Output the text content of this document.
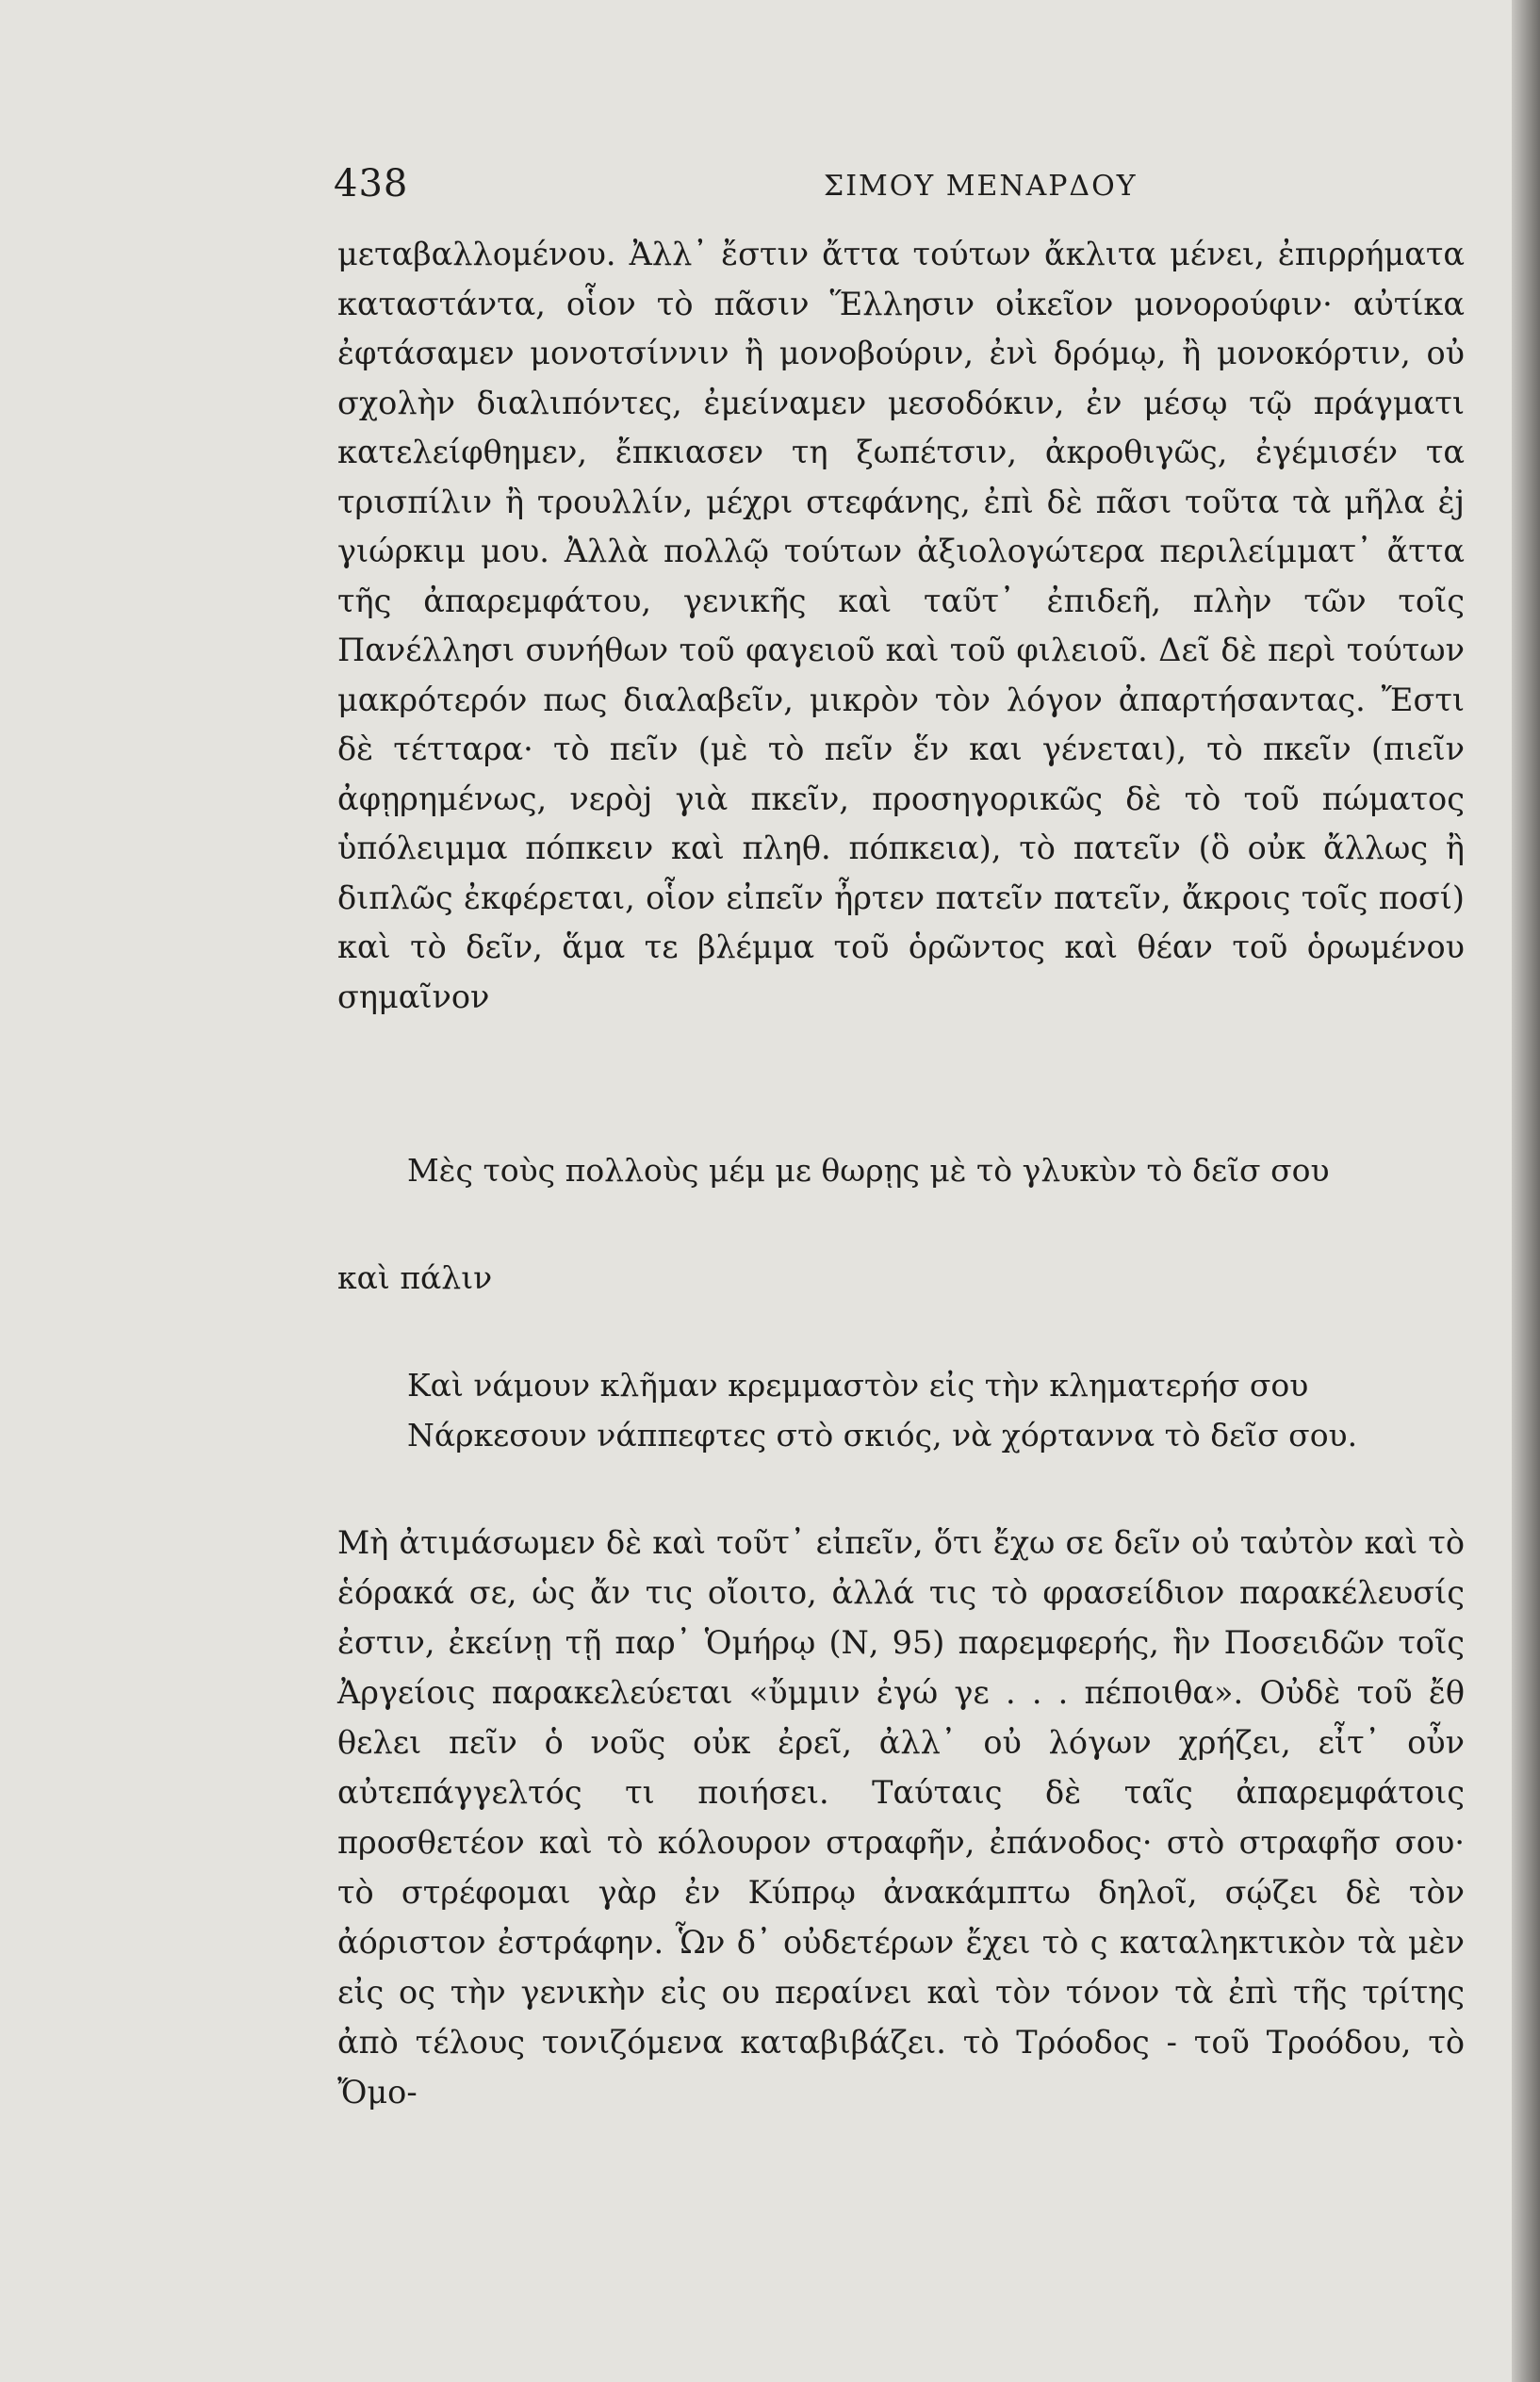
438	ΣΙΜΟΥ ΜΕΝΑΡΔΟΥ

μεταβαλλομένου. Ἀλλ᾽ ἔστιν ἄττα τούτων ἄκλιτα μένει, ἐπιρρήματα καταστάντα, οἷον τὸ πᾶσιν Ἕλλησιν οἰκεῖον μονορούφιν· αὐτίκα ἐφτάσαμεν μονοτσίννιν ἢ μονοβούριν, ἐνὶ δρόμῳ, ἢ μονοκόρτιν, οὐ σχολὴν διαλιπόντες, ἐμείναμεν μεσοδόκιν, ἐν μέσῳ τῷ πράγματι κατελείφθημεν, ἔπκιασεν τη ξωπέτσιν, ἀκροθιγῶς, ἐγέμισέν τα τρισπίλιν ἢ τρουλλίν, μέχρι στεφάνης, ἐπὶ δὲ πᾶσι τοῦτα τὰ μῆλα ἐj γιώρκιμ μου. Ἀλλὰ πολλῷ τούτων ἀξιολογώτερα περιλείμματ᾽ ἄττα τῆς ἀπαρεμφάτου, γενικῆς καὶ ταῦτ᾽ ἐπιδεῆ, πλὴν τῶν τοῖς Πανέλλησι συνήθων τοῦ φαγειοῦ καὶ τοῦ φιλειοῦ. Δεῖ δὲ περὶ τούτων μακρότερόν πως διαλαβεῖν, μικρὸν τὸν λόγον ἀπαρτήσαντας. Ἔστι δὲ τέτταρα· τὸ πεῖν (μὲ τὸ πεῖν ἕν και γένεται), τὸ πκεῖν (πιεῖν ἀφῃρημένως, νερὸj γιὰ πκεῖν, προσηγορικῶς δὲ τὸ τοῦ πώματος ὑπόλειμμα πόπκειν καὶ πληθ. πόπκεια), τὸ πατεῖν (ὃ οὐκ ἄλλως ἢ διπλῶς ἐκφέρεται, οἷον εἰπεῖν ἦρτεν πατεῖν πατεῖν, ἄκροις τοῖς ποσί) καὶ τὸ δεῖν, ἅμα τε βλέμμα τοῦ ὁρῶντος καὶ θέαν τοῦ ὁρωμένου σημαῖνον

Μὲς τοὺς πολλοὺς μέμ με θωρῃς μὲ τὸ γλυκὺν τὸ δεῖσ σου
καὶ πάλιν
Καὶ νάμουν κλῆμαν κρεμμαστὸν εἰς τὴν κληματερήσ σου
Νάρκεσουν νάππεφτες στὸ σκιός, νὰ χόρταννα τὸ δεῖσ σου.

Μὴ ἀτιμάσωμεν δὲ καὶ τοῦτ᾽ εἰπεῖν, ὅτι ἔχω σε δεῖν οὐ ταὐτὸν καὶ τὸ ἑόρακά σε, ὡς ἄν τις οἴοιτο, ἀλλά τις τὸ φρασείδιον παρακέλευσίς ἐστιν, ἐκείνῃ τῇ παρ᾽ Ὁμήρῳ (Ν, 95) παρεμφερής, ἣν Ποσειδῶν τοῖς Ἀργείοις παρακελεύεται «ὔμμιν ἐγώ γε . . . πέποιθα». Οὐδὲ τοῦ ἔθ θελει πεῖν ὁ νοῦς οὐκ ἐρεῖ, ἀλλ᾽ οὐ λόγων χρήζει, εἶτ᾽ οὖν αὐτεπάγγελτός τι ποιήσει. Ταύταις δὲ ταῖς ἀπαρεμφάτοις προσθετέον καὶ τὸ κόλουρον στραφῆν, ἐπάνοδος· στὸ στραφῆσ σου· τὸ στρέφομαι γὰρ ἐν Κύπρῳ ἀνακάμπτω δηλοῖ, σῴζει δὲ τὸν ἀόριστον ἐστράφην. Ὧν δ᾽ οὐδετέρων ἔχει τὸ ς καταληκτικὸν τὰ μὲν εἰς ος τὴν γενικὴν εἰς ου περαίνει καὶ τὸν τόνον τὰ ἐπὶ τῆς τρίτης ἀπὸ τέλους τονιζόμενα καταβιβάζει. τὸ Τρόοδος - τοῦ Τροόδου, τὸ Ὄμο-
